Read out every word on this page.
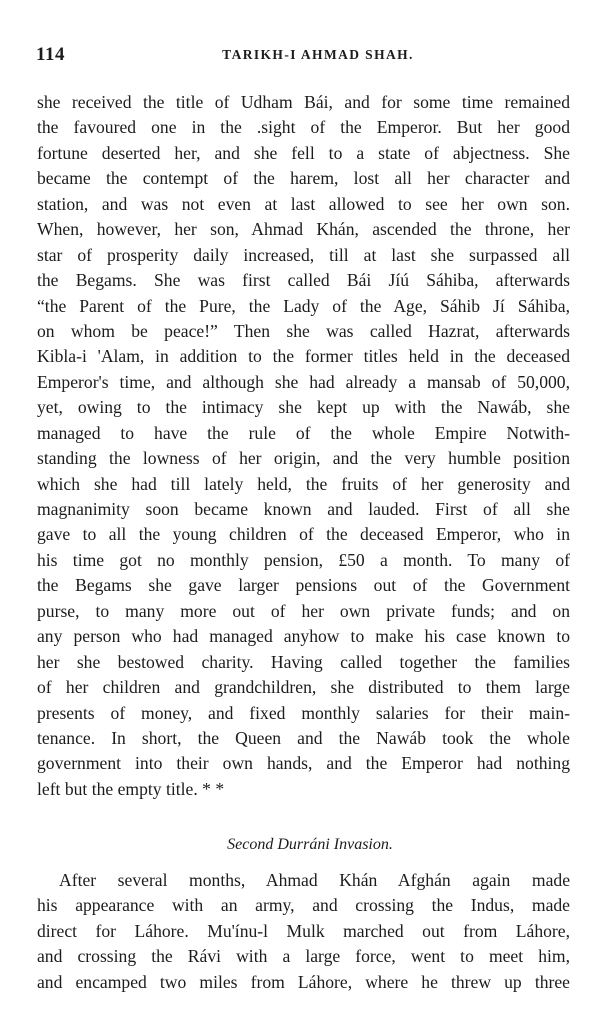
114	TARIKH-I AHMAD SHAH.
she received the title of Udham Bái, and for some time remained
the favoured one in the .sight of the Emperor. But her good
fortune deserted her, and she fell to a state of abjectness. She
became the contempt of the harem, lost all her character and
station, and was not even at last allowed to see her own son.
When, however, her son, Ahmad Khán, ascended the throne, her
star of prosperity daily increased, till at last she surpassed all
the Begams. She was first called Bái Jíú Sáhiba, afterwards
“the Parent of the Pure, the Lady of the Age, Sáhib Jí Sáhiba,
on whom be peace!” Then she was called Hazrat, afterwards
Kibla-i 'Alam, in addition to the former titles held in the deceased
Emperor's time, and although she had already a mansab of 50,000,
yet, owing to the intimacy she kept up with the Nawáb, she
managed to have the rule of the whole Empire Notwith-
standing the lowness of her origin, and the very humble position
which she had till lately held, the fruits of her generosity and
magnanimity soon became known and lauded. First of all she
gave to all the young children of the deceased Emperor, who in
his time got no monthly pension, £50 a month. To many of
the Begams she gave larger pensions out of the Government
purse, to many more out of her own private funds; and on
any person who had managed anyhow to make his case known to
her she bestowed charity. Having called together the families
of her children and grandchildren, she distributed to them large
presents of money, and fixed monthly salaries for their main-
tenance. In short, the Queen and the Nawáb took the whole
government into their own hands, and the Emperor had nothing
left but the empty title. * *
Second Durráni Invasion.
After several months, Ahmad Khán Afghán again made
his appearance with an army, and crossing the Indus, made
direct for Láhore. Mu'ínu-l Mulk marched out from Láhore,
and crossing the Rávi with a large force, went to meet him,
and encamped two miles from Láhore, where he threw up three
